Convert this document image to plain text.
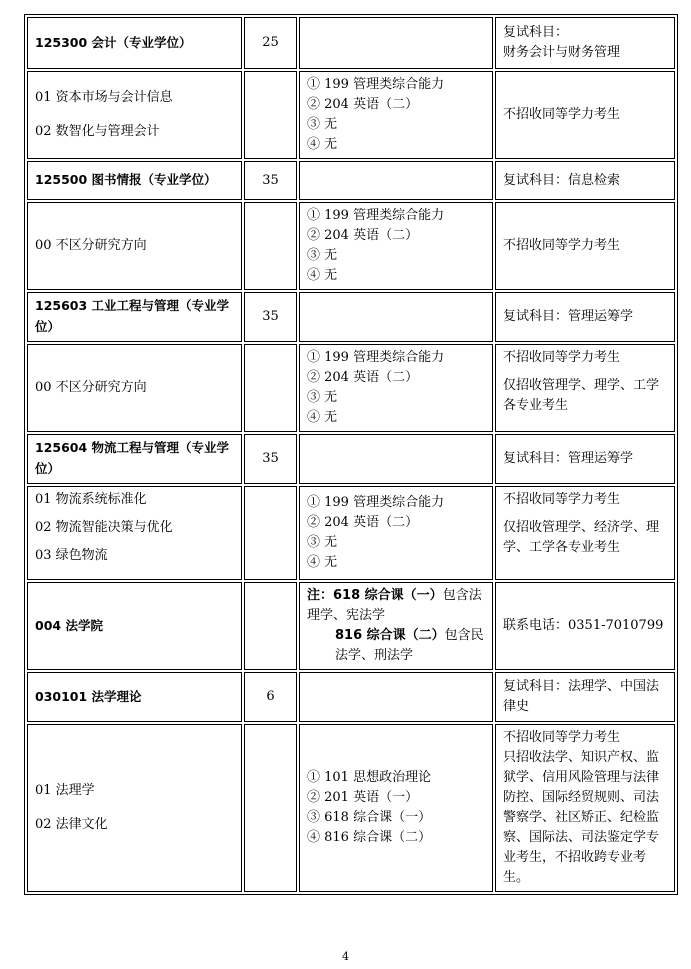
125300 会计（专业学位）	25		复试科目：
财务会计与财务管理

01 资本市场与会计信息
02 数智化与管理会计		① 199 管理类综合能力
② 204 英语（二）
③ 无
④ 无	不招收同等学力考生

125500 图书情报（专业学位）	35		复试科目：信息检索

00 不区分研究方向		① 199 管理类综合能力
② 204 英语（二）
③ 无
④ 无	不招收同等学力考生

125603 工业工程与管理（专业学位）	35		复试科目：管理运筹学

00 不区分研究方向		① 199 管理类综合能力
② 204 英语（二）
③ 无
④ 无	不招收同等学力考生
仅招收管理学、理学、工学各专业考生

125604 物流工程与管理（专业学位）	35		复试科目：管理运筹学

01 物流系统标准化
02 物流智能决策与优化
03 绿色物流		① 199 管理类综合能力
② 204 英语（二）
③ 无
④ 无	不招收同等学力考生
仅招收管理学、经济学、理学、工学各专业考生

004 法学院		注：618 综合课（一）包含法理学、宪法学
816 综合课（二）包含民法学、刑法学	联系电话：0351-7010799

030101 法学理论	6		复试科目：法理学、中国法律史

01 法理学
02 法律文化		① 101 思想政治理论
② 201 英语（一）
③ 618 综合课（一）
④ 816 综合课（二）	不招收同等学力考生
只招收法学、知识产权、监狱学、信用风险管理与法律防控、国际经贸规则、司法警察学、社区矫正、纪检监察、国际法、司法鉴定学专业考生，不招收跨专业考生。
4
